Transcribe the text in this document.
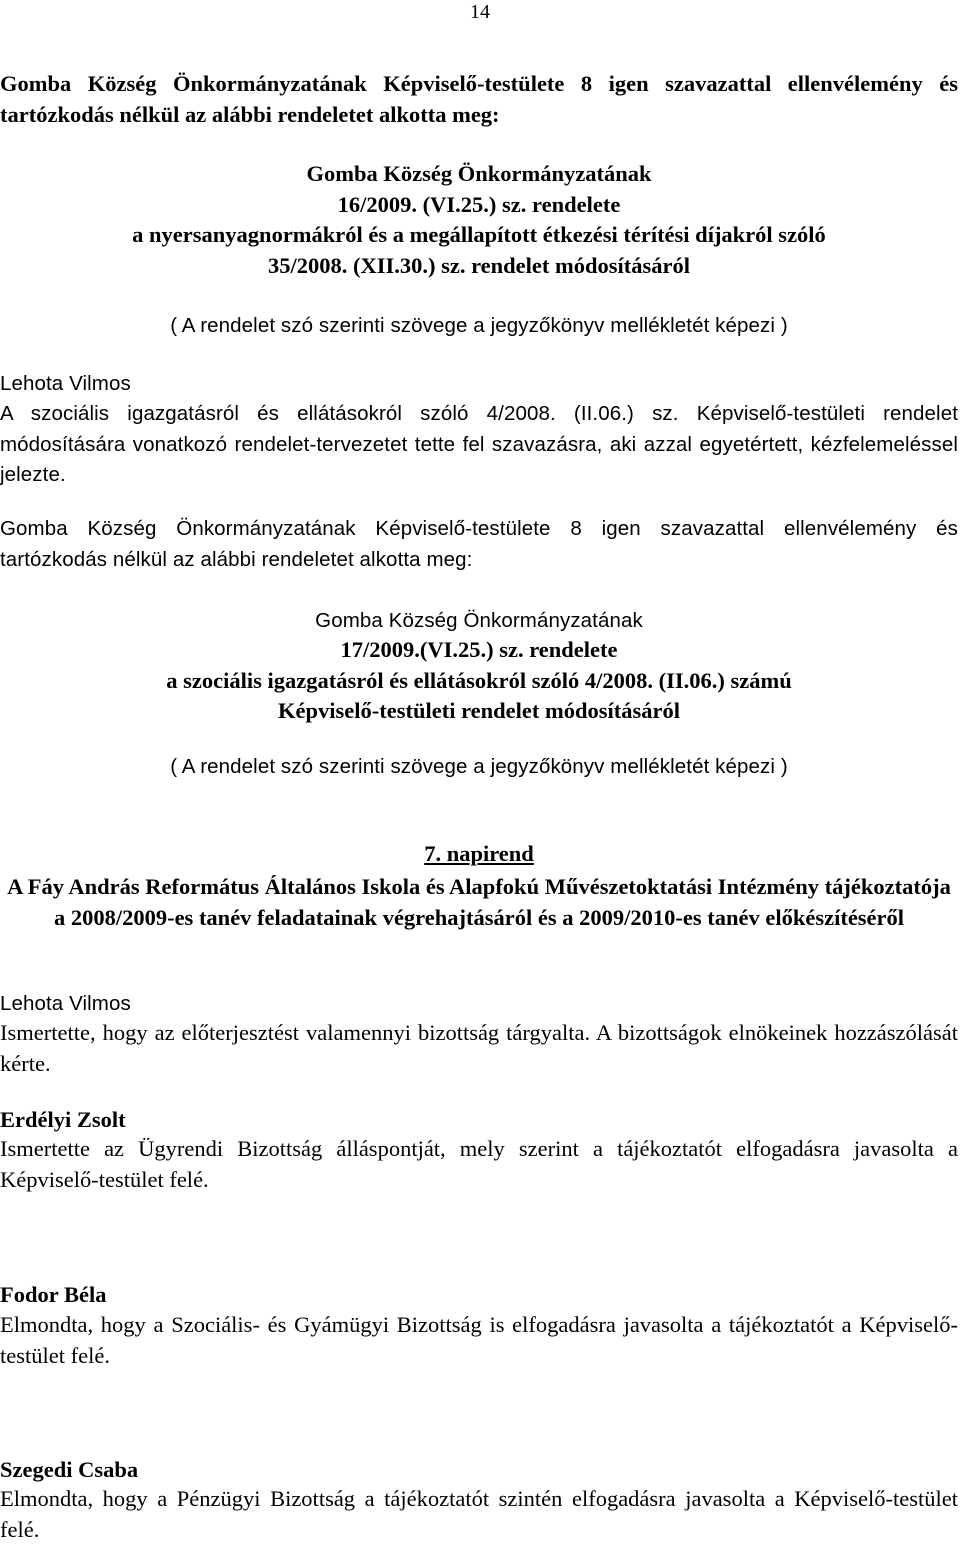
14

Gomba Község Önkormányzatának Képviselő-testülete 8 igen szavazattal ellenvélemény és tartózkodás nélkül az alábbi rendeletet alkotta meg:

Gomba Község Önkormányzatának

16/2009. (VI.25.) sz. rendelete

a nyersanyagnormákról és a megállapított étkezési térítési díjakról szóló

35/2008. (XII.30.) sz. rendelet módosításáról

( A rendelet szó szerinti szövege a jegyzőkönyv mellékletét képezi )
Lehota Vilmos
A szociális igazgatásról és ellátásokról szóló 4/2008. (II.06.) sz. Képviselő-testületi rendelet módosítására vonatkozó rendelet-tervezetet tette fel szavazásra, aki azzal egyetértett, kézfelemeléssel jelezte.
Gomba Község Önkormányzatának Képviselő-testülete 8 igen szavazattal ellenvélemény és tartózkodás nélkül az alábbi rendeletet alkotta meg:

Gomba Község Önkormányzatának

17/2009.(VI.25.) sz. rendelete

a szociális igazgatásról és ellátásokról szóló 4/2008. (II.06.) számú

Képviselő-testületi rendelet módosításáról

( A rendelet szó szerinti szövege a jegyzőkönyv mellékletét képezi )
7. napirend
A Fáy András Református Általános Iskola és Alapfokú Művészetoktatási Intézmény tájékoztatója a 2008/2009-es tanév feladatainak végrehajtásáról és a 2009/2010-es tanév előkészítéséről
Lehota Vilmos
Ismertette, hogy az előterjesztést valamennyi bizottság tárgyalta. A bizottságok elnökeinek hozzászólását kérte.
Erdélyi Zsolt
Ismertette az Ügyrendi Bizottság álláspontját, mely szerint a tájékoztatót elfogadásra javasolta a Képviselő-testület felé.
Fodor Béla
Elmondta, hogy a Szociális- és Gyámügyi Bizottság is elfogadásra javasolta a tájékoztatót a Képviselő-testület felé.
Szegedi Csaba
Elmondta, hogy a Pénzügyi Bizottság a tájékoztatót szintén elfogadásra javasolta a Képviselő-testület felé.
